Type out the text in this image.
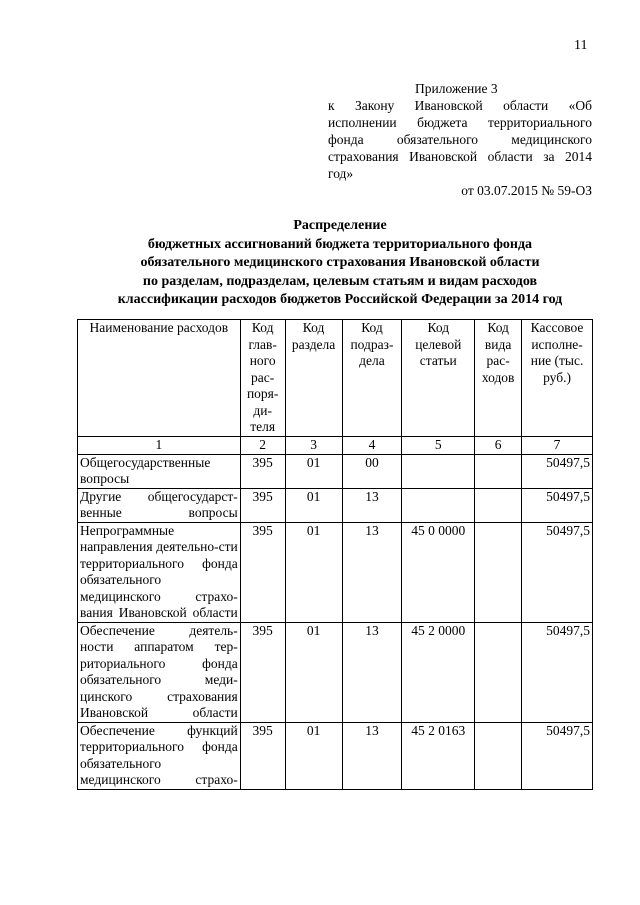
11
Приложение 3

к Закону Ивановской области «Об исполнении бюджета территориального фонда обязательного медицинского страхования Ивановской области за 2014 год»

от 03.07.2015 № 59-ОЗ
Распределение
бюджетных ассигнований бюджета территориального фонда
обязательного медицинского страхования Ивановской области
по разделам, подразделам, целевым статьям и видам расходов
классификации расходов бюджетов Российской Федерации за 2014 год
Наименование расходов	Код глав-ного рас-поря-ди-теля	Код раздела	Код подраз-дела	Код целевой статьи	Код вида рас-ходов	Кассовое исполне-ние (тыс. руб.)
1	2	3	4	5	6	7
Общегосударственные вопросы	395	01	00			50497,5
Другие общегосударст-венные вопросы	395	01	13			50497,5
Непрограммные направления деятельно-сти территориального фонда обязательного медицинского страхо-вания Ивановской области	395	01	13	45 0 0000		50497,5
Обеспечение деятель-ности аппаратом тер-риториального фонда обязательного меди-цинского страхования Ивановской области	395	01	13	45 2 0000		50497,5
Обеспечение функций территориального фонда обязательного медицинского страхо-	395	01	13	45 2 0163		50497,5
